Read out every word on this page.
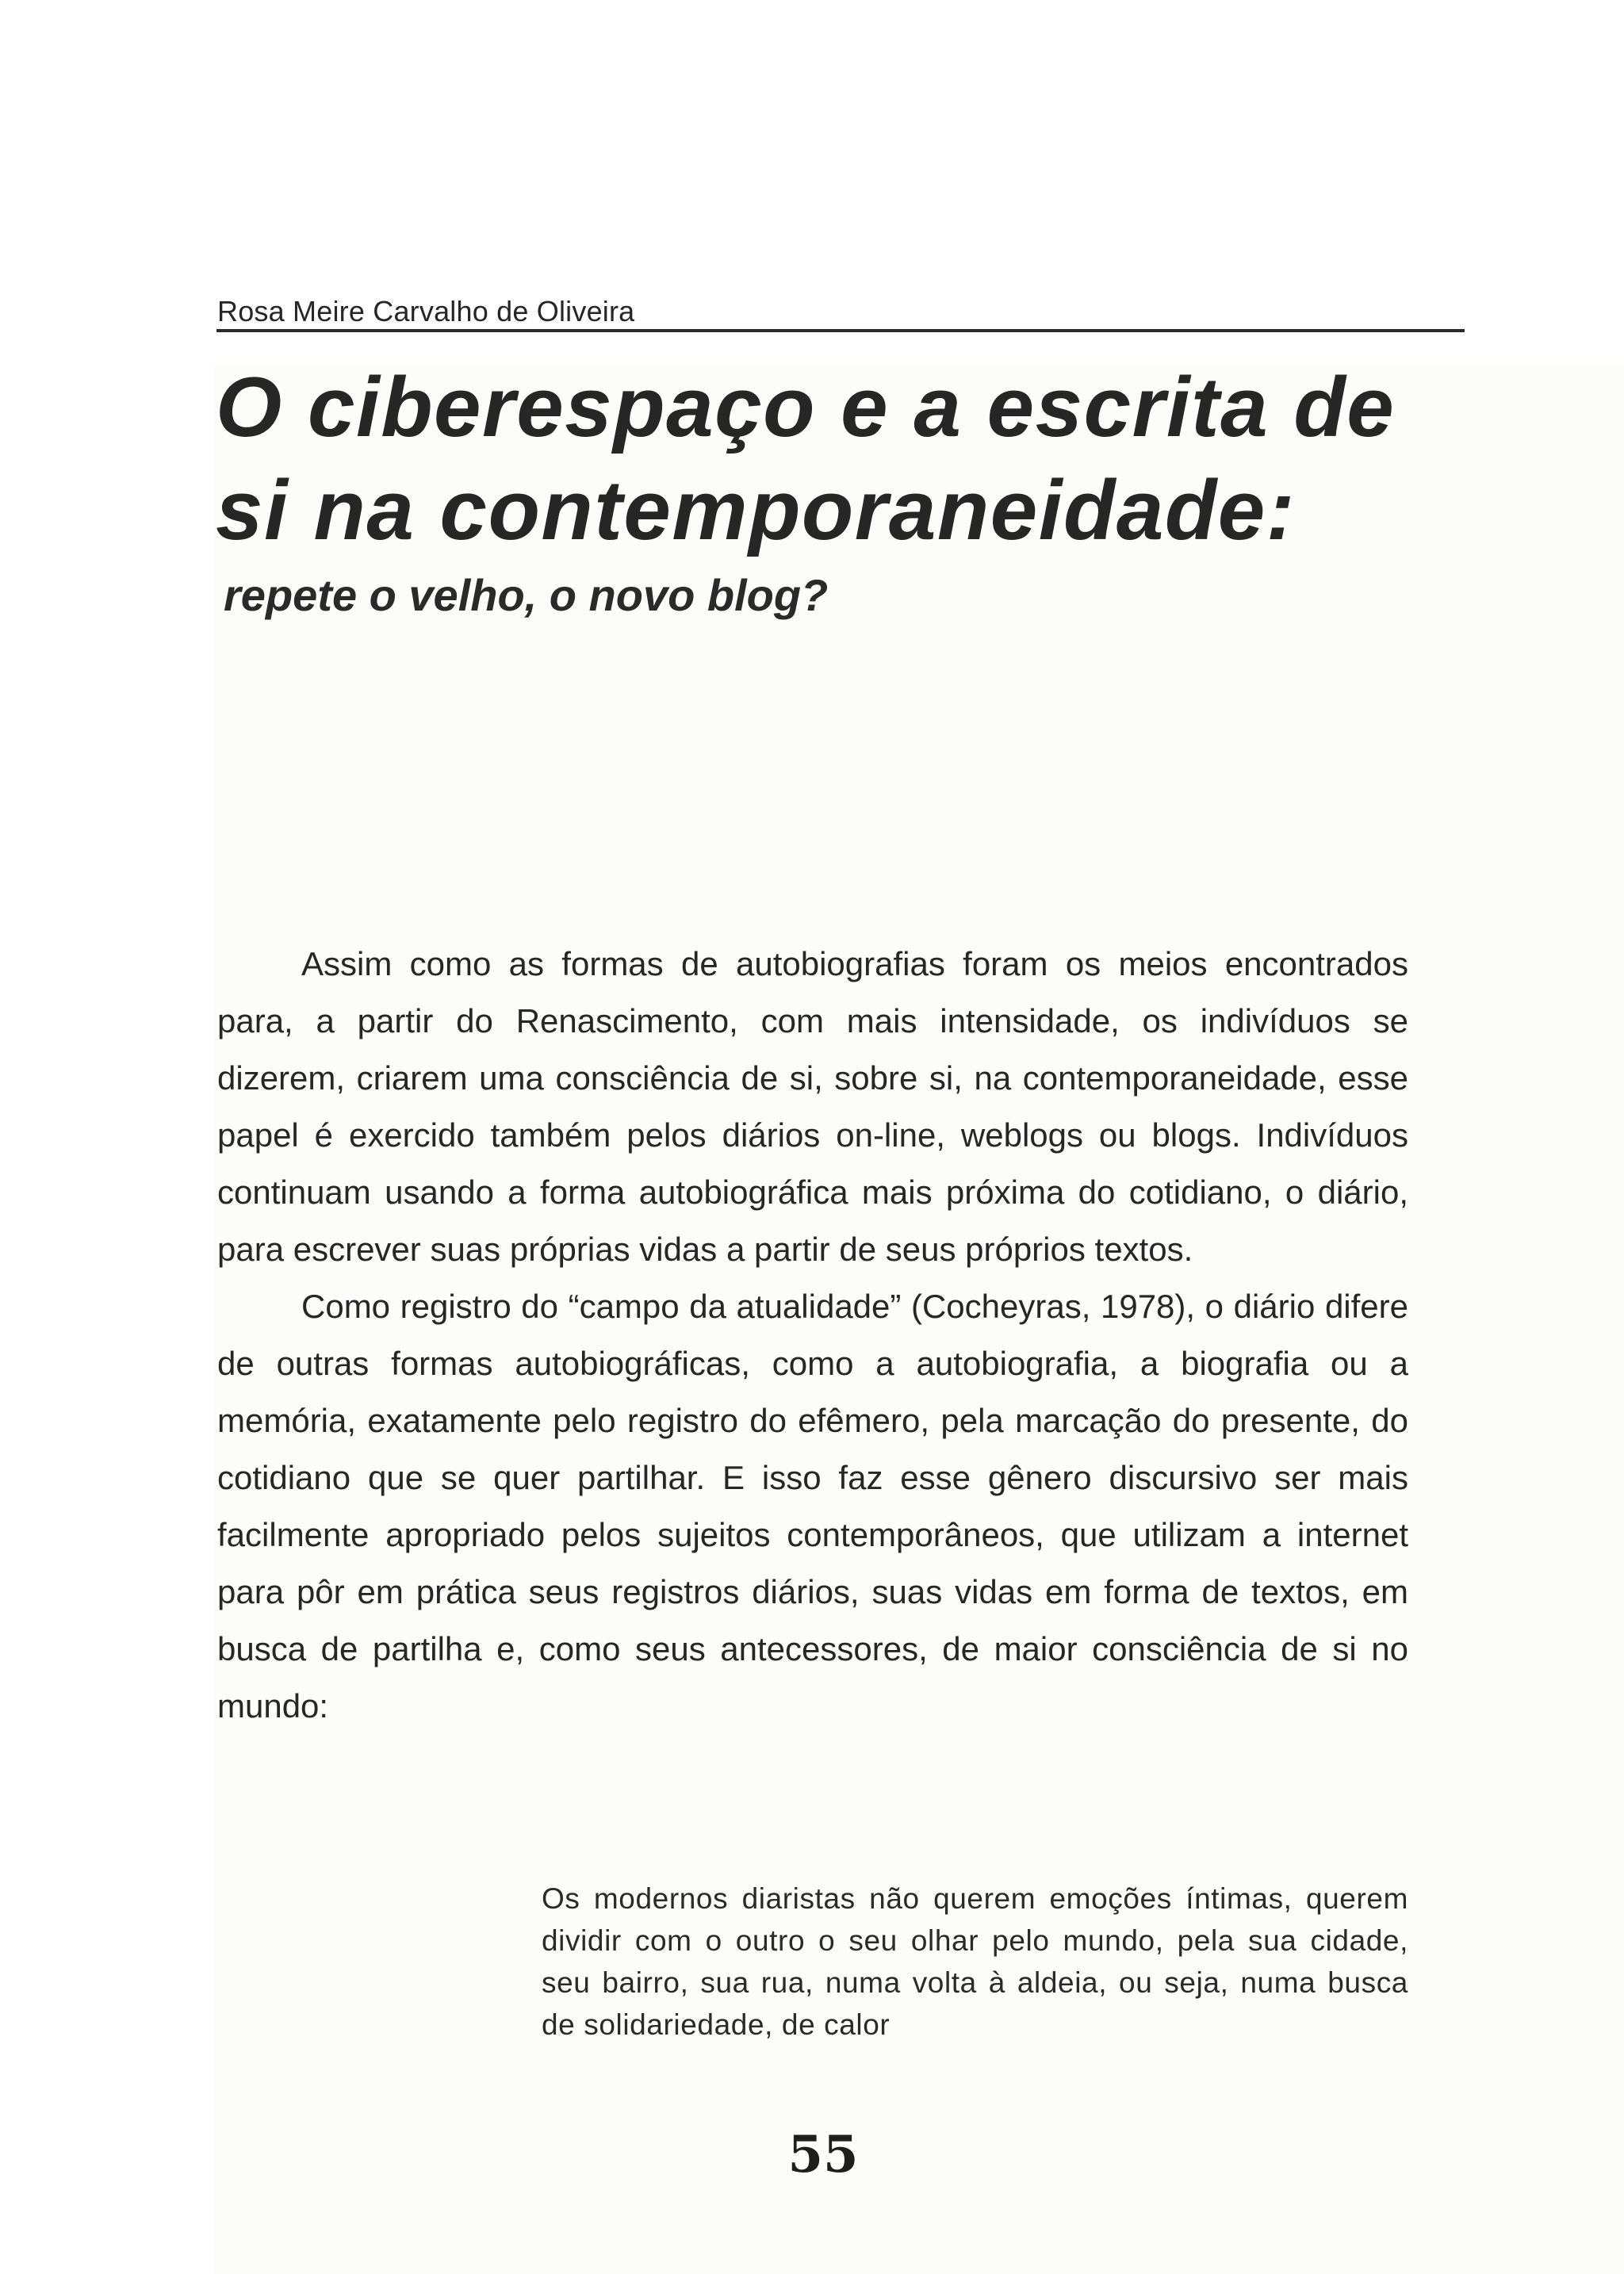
Rosa Meire Carvalho de Oliveira
O ciberespaço e a escrita de si na contemporaneidade:
repete o velho, o novo blog?

Assim como as formas de autobiografias foram os meios encontrados para, a partir do Renascimento, com mais intensidade, os indivíduos se dizerem, criarem uma consciência de si, sobre si, na contemporaneidade, esse papel é exercido também pelos diários on-line, weblogs ou blogs. Indivíduos continuam usando a forma autobiográfica mais próxima do cotidiano, o diário, para escrever suas próprias vidas a partir de seus próprios textos.

Como registro do “campo da atualidade” (Cocheyras, 1978), o diário difere de outras formas autobiográficas, como a autobiografia, a biografia ou a memória, exatamente pelo registro do efêmero, pela marcação do presente, do cotidiano que se quer partilhar. E isso faz esse gênero discursivo ser mais facilmente apropriado pelos sujeitos contemporâneos, que utilizam a internet para pôr em prática seus registros diários, suas vidas em forma de textos, em busca de partilha e, como seus antecessores, de maior consciência de si no mundo:

Os modernos diaristas não querem emoções íntimas, querem dividir com o outro o seu olhar pelo mundo, pela sua cidade, seu bairro, sua rua, numa volta à aldeia, ou seja, numa busca de solidariedade, de calor

55
